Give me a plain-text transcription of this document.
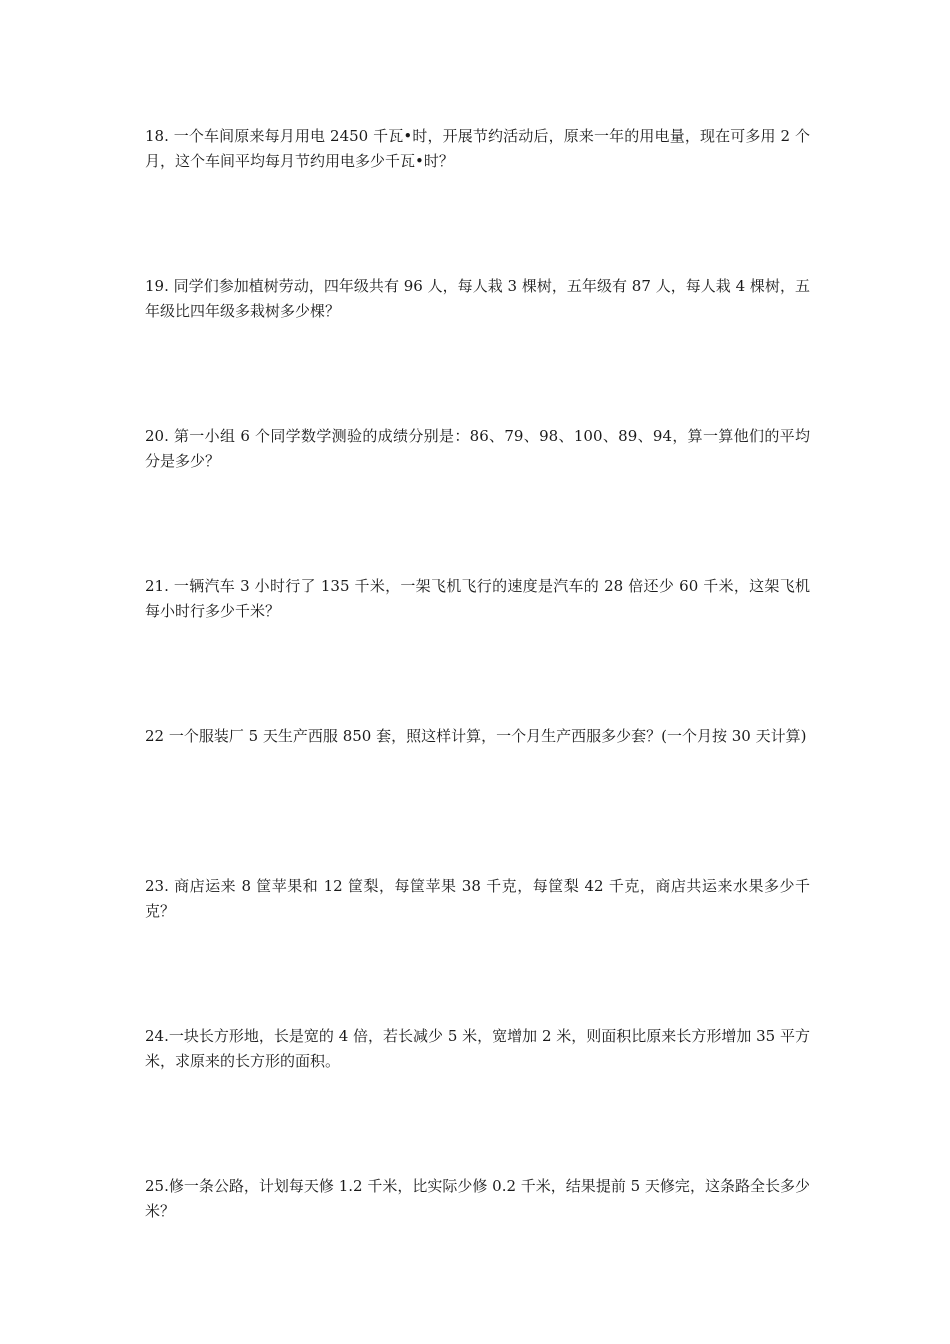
18. 一个车间原来每月用电 2450 千瓦•时，开展节约活动后，原来一年的用电量，现在可多用 2 个月，这个车间平均每月节约用电多少千瓦•时？

19. 同学们参加植树劳动，四年级共有 96 人，每人栽 3 棵树，五年级有 87 人，每人栽 4 棵树，五年级比四年级多栽树多少棵？

20. 第一小组 6 个同学数学测验的成绩分别是：86、79、98、100、89、94，算一算他们的平均分是多少？

21. 一辆汽车 3 小时行了 135 千米，一架飞机飞行的速度是汽车的 28 倍还少 60 千米，这架飞机每小时行多少千米？

22 一个服装厂 5 天生产西服 850 套，照这样计算，一个月生产西服多少套？(一个月按 30 天计算)

23. 商店运来 8 筐苹果和 12 筐梨，每筐苹果 38 千克，每筐梨 42 千克，商店共运来水果多少千克？

24.一块长方形地，长是宽的 4 倍，若长减少 5 米，宽增加 2 米，则面积比原来长方形增加 35 平方米，求原来的长方形的面积。

25.修一条公路，计划每天修 1.2 千米，比实际少修 0.2 千米，结果提前 5 天修完，这条路全长多少米？
